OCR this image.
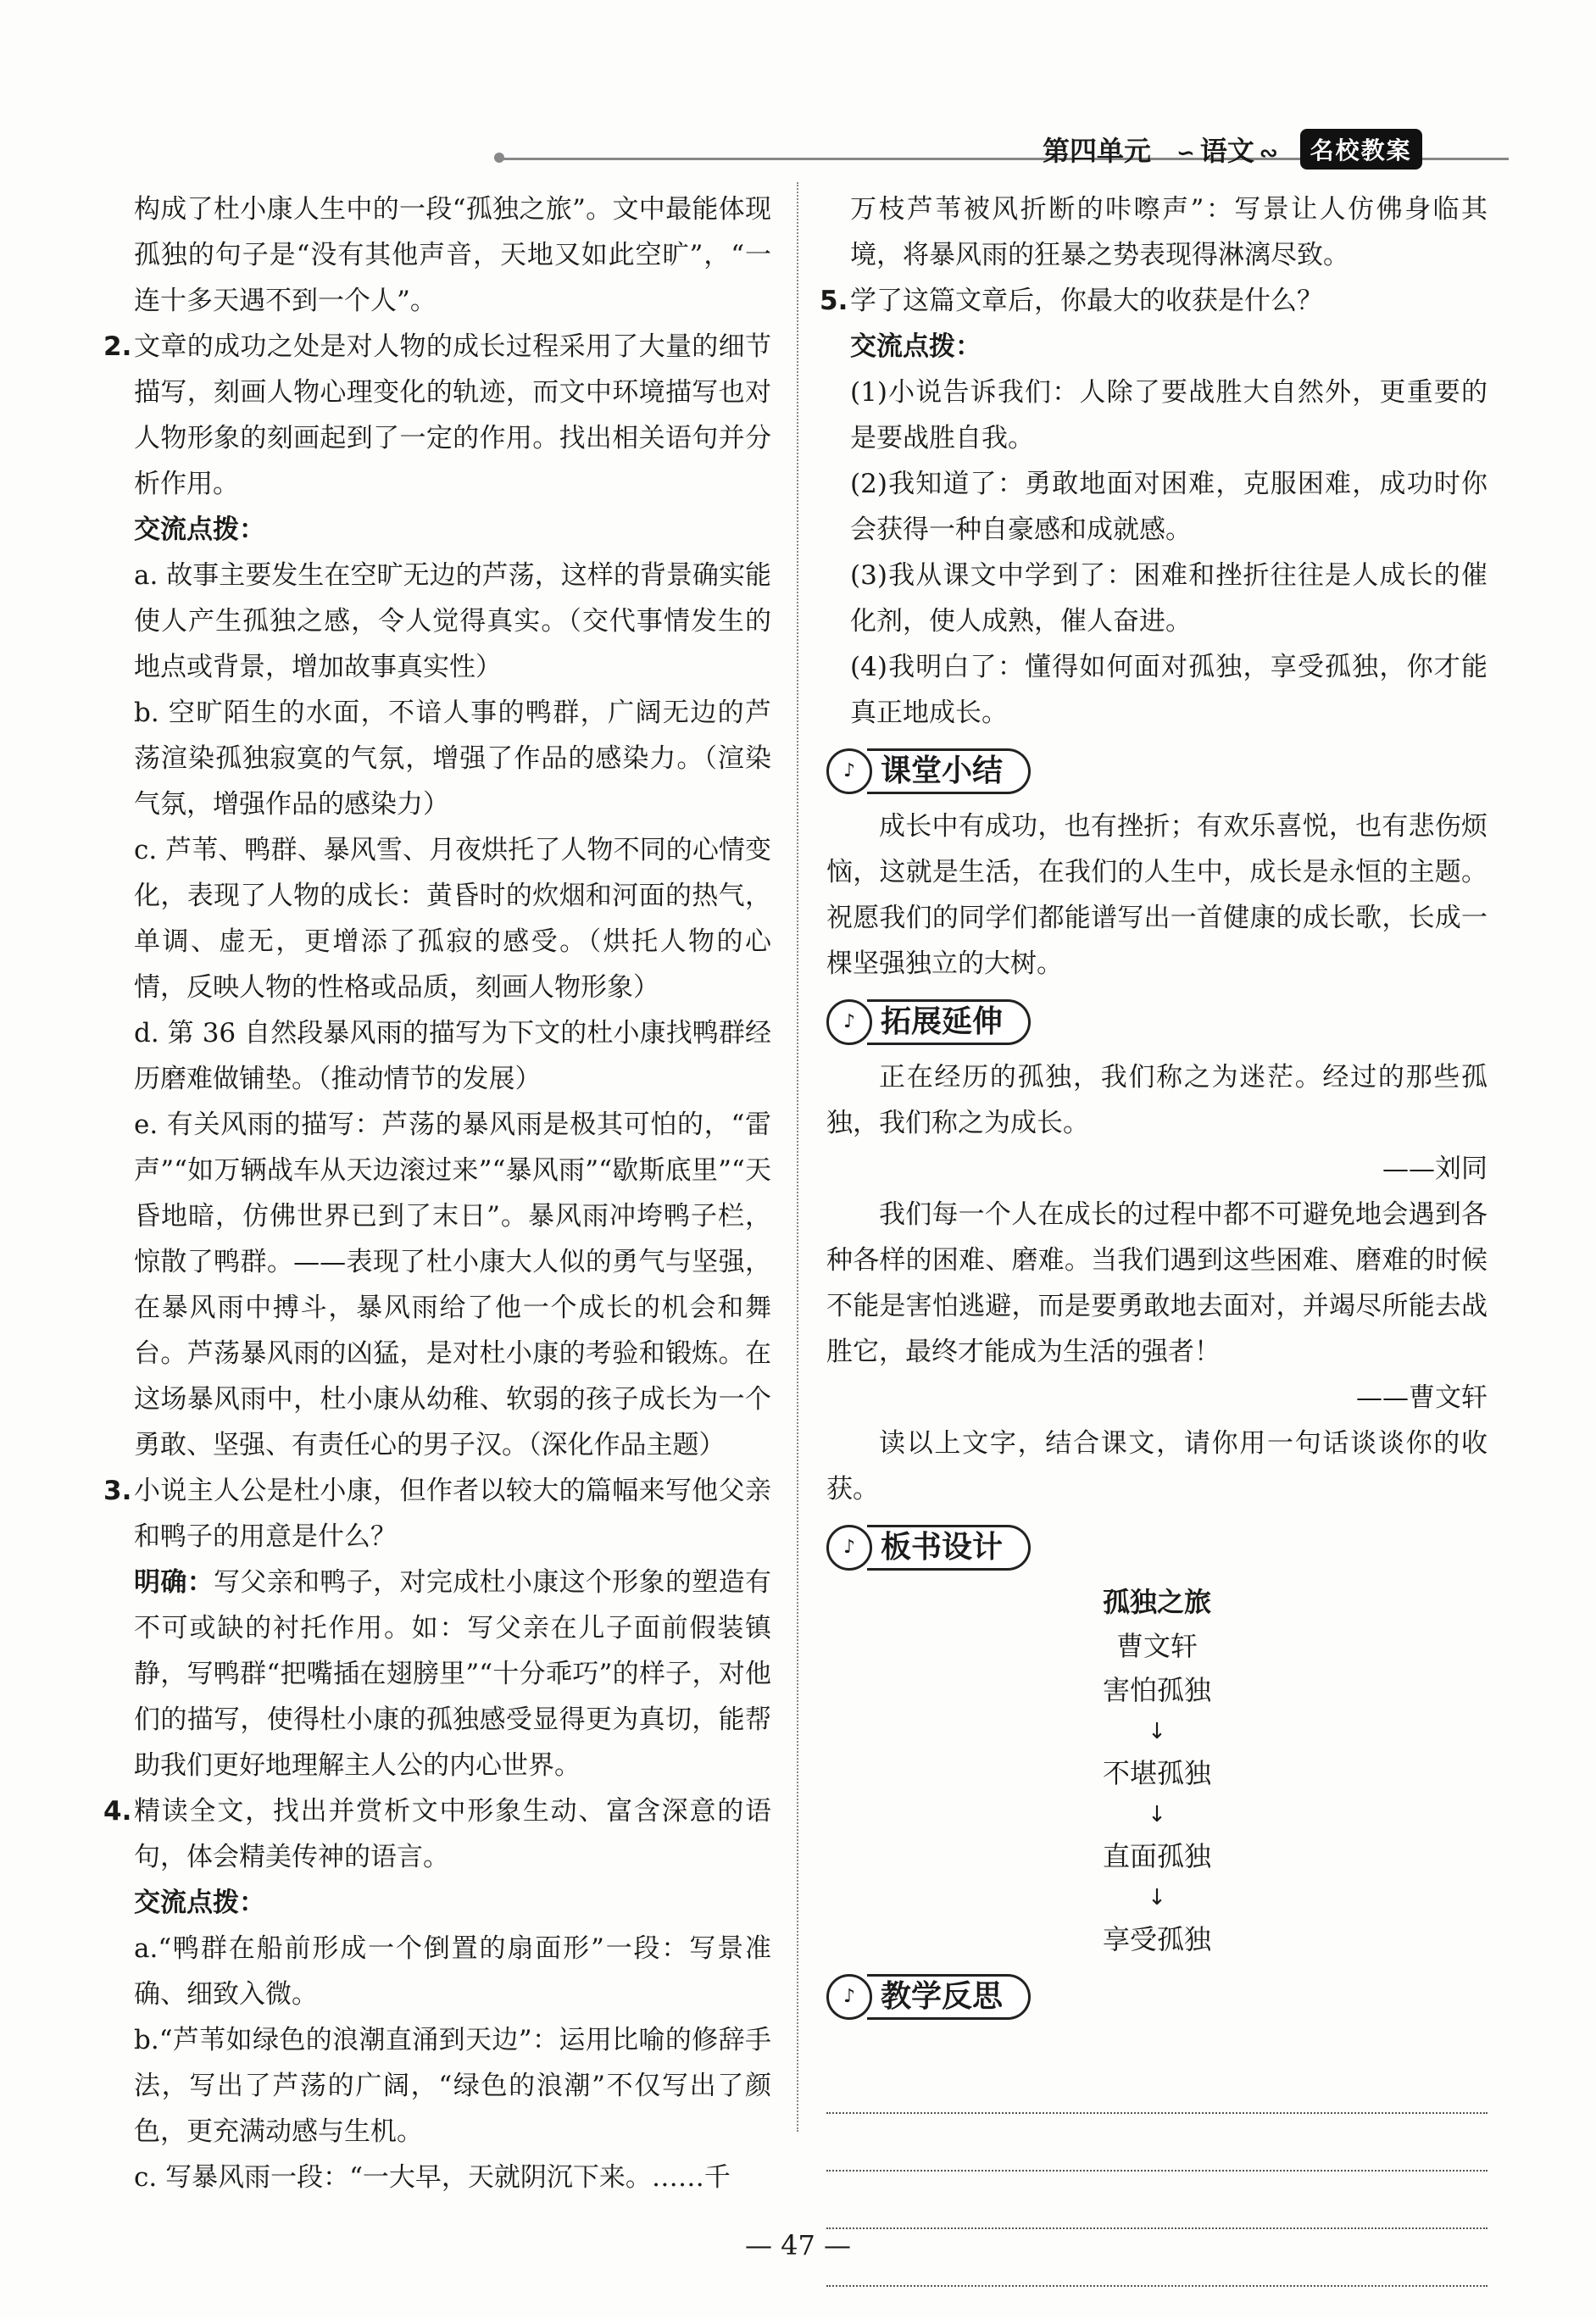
第四单元 ∽ 语文 ∾	名校教案

构成了杜小康人生中的一段“孤独之旅”。文中最能体现孤独的句子是“没有其他声音，天地又如此空旷”，“一连十多天遇不到一个人”。

2. 文章的成功之处是对人物的成长过程采用了大量的细节描写，刻画人物心理变化的轨迹，而文中环境描写也对人物形象的刻画起到了一定的作用。找出相关语句并分析作用。

交流点拨：

a. 故事主要发生在空旷无边的芦荡，这样的背景确实能使人产生孤独之感，令人觉得真实。（交代事情发生的地点或背景，增加故事真实性）

b. 空旷陌生的水面，不谙人事的鸭群，广阔无边的芦荡渲染孤独寂寞的气氛，增强了作品的感染力。（渲染气氛，增强作品的感染力）

c. 芦苇、鸭群、暴风雪、月夜烘托了人物不同的心情变化，表现了人物的成长：黄昏时的炊烟和河面的热气，单调、虚无，更增添了孤寂的感受。（烘托人物的心情，反映人物的性格或品质，刻画人物形象）

d. 第 36 自然段暴风雨的描写为下文的杜小康找鸭群经历磨难做铺垫。（推动情节的发展）

e. 有关风雨的描写：芦荡的暴风雨是极其可怕的，“雷声”“如万辆战车从天边滚过来”“暴风雨”“歇斯底里”“天昏地暗，仿佛世界已到了末日”。暴风雨冲垮鸭子栏，惊散了鸭群。——表现了杜小康大人似的勇气与坚强，在暴风雨中搏斗，暴风雨给了他一个成长的机会和舞台。芦荡暴风雨的凶猛，是对杜小康的考验和锻炼。在这场暴风雨中，杜小康从幼稚、软弱的孩子成长为一个勇敢、坚强、有责任心的男子汉。（深化作品主题）

3. 小说主人公是杜小康，但作者以较大的篇幅来写他父亲和鸭子的用意是什么？

明确：写父亲和鸭子，对完成杜小康这个形象的塑造有不可或缺的衬托作用。如：写父亲在儿子面前假装镇静，写鸭群“把嘴插在翅膀里”“十分乖巧”的样子，对他们的描写，使得杜小康的孤独感受显得更为真切，能帮助我们更好地理解主人公的内心世界。

4. 精读全文，找出并赏析文中形象生动、富含深意的语句，体会精美传神的语言。

交流点拨：

a.“鸭群在船前形成一个倒置的扇面形”一段：写景准确、细致入微。

b.“芦苇如绿色的浪潮直涌到天边”：运用比喻的修辞手法，写出了芦荡的广阔，“绿色的浪潮”不仅写出了颜色，更充满动感与生机。

c. 写暴风雨一段：“一大早，天就阴沉下来。……千

万枝芦苇被风折断的咔嚓声”：写景让人仿佛身临其境，将暴风雨的狂暴之势表现得淋漓尽致。

5. 学了这篇文章后，你最大的收获是什么？

交流点拨：

(1)小说告诉我们：人除了要战胜大自然外，更重要的是要战胜自我。

(2)我知道了：勇敢地面对困难，克服困难，成功时你会获得一种自豪感和成就感。

(3)我从课文中学到了：困难和挫折往往是人成长的催化剂，使人成熟，催人奋进。

(4)我明白了：懂得如何面对孤独，享受孤独，你才能真正地成长。

♪ 课堂小结

成长中有成功，也有挫折；有欢乐喜悦，也有悲伤烦恼，这就是生活，在我们的人生中，成长是永恒的主题。祝愿我们的同学们都能谱写出一首健康的成长歌，长成一棵坚强独立的大树。

♪ 拓展延伸

正在经历的孤独，我们称之为迷茫。经过的那些孤独，我们称之为成长。

——刘同

我们每一个人在成长的过程中都不可避免地会遇到各种各样的困难、磨难。当我们遇到这些困难、磨难的时候不能是害怕逃避，而是要勇敢地去面对，并竭尽所能去战胜它，最终才能成为生活的强者！

——曹文轩

读以上文字，结合课文，请你用一句话谈谈你的收获。

♪ 板书设计
孤独之旅
曹文轩
害怕孤独
↓
不堪孤独
↓
直面孤独
↓
享受孤独
♪ 教学反思
— 47 —
